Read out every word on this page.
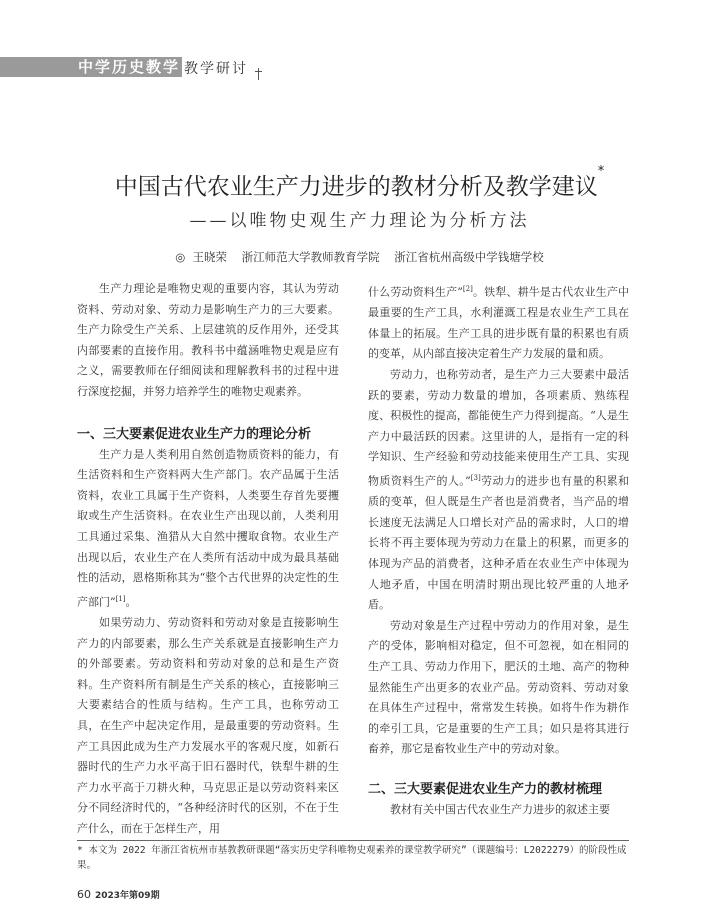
中学历史教学 教学研讨
中国古代农业生产力进步的教材分析及教学建议*
——以唯物史观生产力理论为分析方法
◎  王晓荣    浙江师范大学教师教育学院    浙江省杭州高级中学钱塘学校

生产力理论是唯物史观的重要内容，其认为劳动资料、劳动对象、劳动力是影响生产力的三大要素。生产力除受生产关系、上层建筑的反作用外，还受其内部要素的直接作用。教科书中蕴涵唯物史观是应有之义，需要教师在仔细阅读和理解教科书的过程中进行深度挖掘，并努力培养学生的唯物史观素养。

一、三大要素促进农业生产力的理论分析

生产力是人类利用自然创造物质资料的能力，有生活资料和生产资料两大生产部门。农产品属于生活资料，农业工具属于生产资料，人类要生存首先要攫取或生产生活资料。在农业生产出现以前，人类利用工具通过采集、渔猎从大自然中攫取食物。农业生产出现以后，农业生产在人类所有活动中成为最具基础性的活动，恩格斯称其为“整个古代世界的决定性的生产部门”[1]。

如果劳动力、劳动资料和劳动对象是直接影响生产力的内部要素，那么生产关系就是直接影响生产力的外部要素。劳动资料和劳动对象的总和是生产资料。生产资料所有制是生产关系的核心，直接影响三大要素结合的性质与结构。生产工具，也称劳动工具，在生产中起决定作用，是最重要的劳动资料。生产工具因此成为生产力发展水平的客观尺度，如新石器时代的生产力水平高于旧石器时代，铁犁牛耕的生产力水平高于刀耕火种，马克思正是以劳动资料来区分不同经济时代的，“各种经济时代的区别，不在于生产什么，而在于怎样生产，用

什么劳动资料生产”[2]。铁犁、耕牛是古代农业生产中最重要的生产工具，水利灌溉工程是农业生产工具在体量上的拓展。生产工具的进步既有量的积累也有质的变革，从内部直接决定着生产力发展的量和质。

劳动力，也称劳动者，是生产力三大要素中最活跃的要素，劳动力数量的增加，各项素质、熟练程度、积极性的提高，都能使生产力得到提高。“人是生产力中最活跃的因素。这里讲的人，是指有一定的科学知识、生产经验和劳动技能来使用生产工具、实现物质资料生产的人。”[3]劳动力的进步也有量的积累和质的变革，但人既是生产者也是消费者，当产品的增长速度无法满足人口增长对产品的需求时，人口的增长将不再主要体现为劳动力在量上的积累，而更多的体现为产品的消费者，这种矛盾在农业生产中体现为人地矛盾，中国在明清时期出现比较严重的人地矛盾。

劳动对象是生产过程中劳动力的作用对象，是生产的受体，影响相对稳定，但不可忽视，如在相同的生产工具、劳动力作用下，肥沃的土地、高产的物种显然能生产出更多的农业产品。劳动资料、劳动对象在具体生产过程中，常常发生转换。如将牛作为耕作的牵引工具，它是重要的生产工具；如只是将其进行畜养，那它是畜牧业生产中的劳动对象。

二、三大要素促进农业生产力的教材梳理

教材有关中国古代农业生产力进步的叙述主要

* 本文为 2022 年浙江省杭州市基教教研课题“落实历史学科唯物史观素养的课堂教学研究”（课题编号：L2022279）的阶段性成果。
60 2023年第09期
